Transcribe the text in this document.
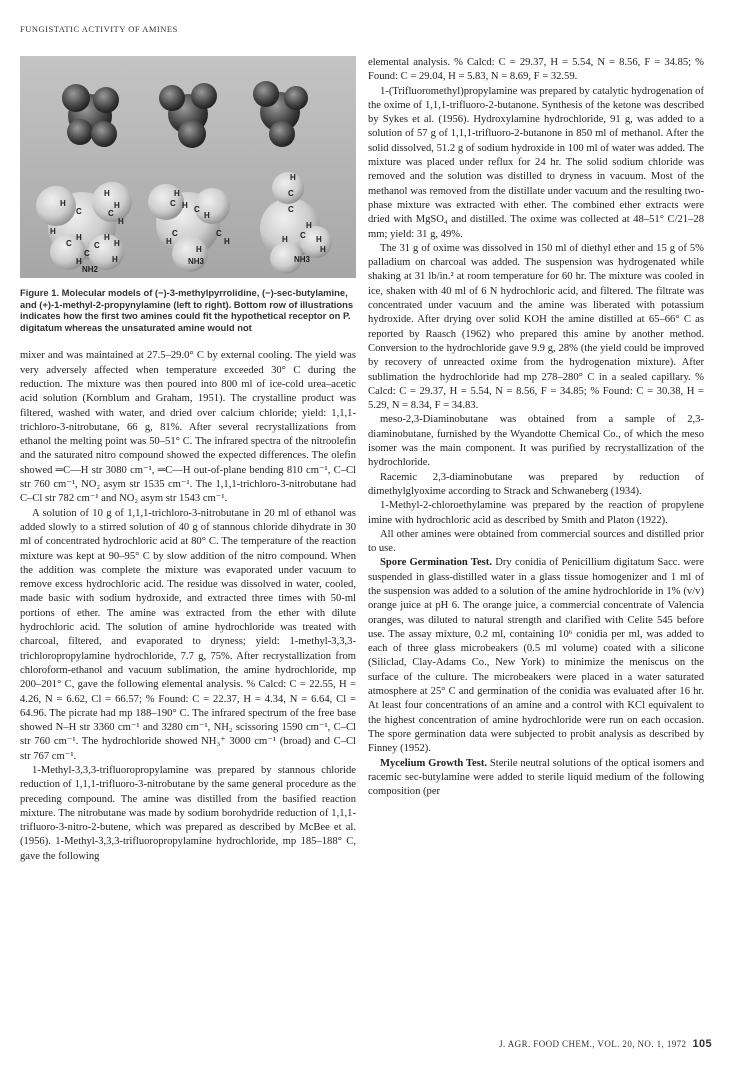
FUNGISTATIC ACTIVITY OF AMINES
H
H
C
H
C
H
H
H
C
H
H
C
C
H	H
NH2
H
C H C
H
C
H
C
H
H
NH3
H
C
C
H
C H
H
H
NH3
Figure 1. Molecular models of (−)-3-methylpyrrolidine, (−)-sec-butylamine, and (+)-1-methyl-2-propynylamine (left to right). Bottom row of illustrations indicates how the first two amines could fit the hypothetical receptor on P. digitatum whereas the unsaturated amine would not

mixer and was maintained at 27.5–29.0° C by external cooling. The yield was very adversely affected when temperature exceeded 30° C during the reduction. The mixture was then poured into 800 ml of ice-cold urea–acetic acid solution (Kornblum and Graham, 1951). The crystalline product was filtered, washed with water, and dried over calcium chloride; yield: 1,1,1-trichloro-3-nitrobutane, 66 g, 81%. After several recrystallizations from ethanol the melting point was 50–51° C. The infrared spectra of the nitroolefin and the saturated nitro compound showed the expected differences. The olefin showed ═C—H str 3080 cm⁻¹, ═C—H out-of-plane bending 810 cm⁻¹, C–Cl str 760 cm⁻¹, NO₂ asym str 1535 cm⁻¹. The 1,1,1-trichloro-3-nitrobutane had C–Cl str 782 cm⁻¹ and NO₂ asym str 1543 cm⁻¹.

A solution of 10 g of 1,1,1-trichloro-3-nitrobutane in 20 ml of ethanol was added slowly to a stirred solution of 40 g of stannous chloride dihydrate in 30 ml of concentrated hydrochloric acid at 80° C. The temperature of the reaction mixture was kept at 90–95° C by slow addition of the nitro compound. When the addition was complete the mixture was evaporated under vacuum to remove excess hydrochloric acid. The residue was dissolved in water, cooled, made basic with sodium hydroxide, and extracted three times with 50-ml portions of ether. The amine was extracted from the ether with dilute hydrochloric acid. The solution of amine hydrochloride was treated with charcoal, filtered, and evaporated to dryness; yield: 1-methyl-3,3,3-trichloropropylamine hydrochloride, 7.7 g, 75%. After recrystallization from chloroform-ethanol and vacuum sublimation, the amine hydrochloride, mp 200–201° C, gave the following elemental analysis. % Calcd: C = 22.55, H = 4.26, N = 6.62, Cl = 66.57; % Found: C = 22.37, H = 4.34, N = 6.64, Cl = 64.96. The picrate had mp 188–190° C. The infrared spectrum of the free base showed N–H str 3360 cm⁻¹ and 3280 cm⁻¹, NH₂ scissoring 1590 cm⁻¹, C–Cl str 760 cm⁻¹. The hydrochloride showed NH₃⁺ 3000 cm⁻¹ (broad) and C–Cl str 767 cm⁻¹.

1-Methyl-3,3,3-trifluoropropylamine was prepared by stannous chloride reduction of 1,1,1-trifluoro-3-nitrobutane by the same general procedure as the preceding compound. The amine was distilled from the basified reaction mixture. The nitrobutane was made by sodium borohydride reduction of 1,1,1-trifluoro-3-nitro-2-butene, which was prepared as described by McBee et al. (1956). 1-Methyl-3,3,3-trifluoropropylamine hydrochloride, mp 185–188° C, gave the following

elemental analysis. % Calcd: C = 29.37, H = 5.54, N = 8.56, F = 34.85; % Found: C = 29.04, H = 5.83, N = 8.69, F = 32.59.

1-(Trifluoromethyl)propylamine was prepared by catalytic hydrogenation of the oxime of 1,1,1-trifluoro-2-butanone. Synthesis of the ketone was described by Sykes et al. (1956). Hydroxylamine hydrochloride, 91 g, was added to a solution of 57 g of 1,1,1-trifluoro-2-butanone in 850 ml of methanol. After the solid dissolved, 51.2 g of sodium hydroxide in 100 ml of water was added. The mixture was placed under reflux for 24 hr. The solid sodium chloride was removed and the solution was distilled to dryness in vacuum. Most of the methanol was removed from the distillate under vacuum and the resulting two-phase mixture was extracted with ether. The combined ether extracts were dried with MgSO₄ and distilled. The oxime was collected at 48–51° C/21–28 mm; yield: 31 g, 49%.

The 31 g of oxime was dissolved in 150 ml of diethyl ether and 15 g of 5% palladium on charcoal was added. The suspension was hydrogenated while shaking at 31 lb/in.² at room temperature for 60 hr. The mixture was cooled in ice, shaken with 40 ml of 6 N hydrochloric acid, and filtered. The filtrate was concentrated under vacuum and the amine was liberated with potassium hydroxide. After drying over solid KOH the amine distilled at 65–66° C as reported by Raasch (1962) who prepared this amine by another method. Conversion to the hydrochloride gave 9.9 g, 28% (the yield could be improved by recovery of unreacted oxime from the hydrogenation mixture). After sublimation the hydrochloride had mp 278–280° C in a sealed capillary. % Calcd: C = 29.37, H = 5.54, N = 8.56, F = 34.85; % Found: C = 30.38, H = 5.29, N = 8.34, F = 34.83.

meso-2,3-Diaminobutane was obtained from a sample of 2,3-diaminobutane, furnished by the Wyandotte Chemical Co., of which the meso isomer was the main component. It was purified by recrystallization of the hydrochloride.

Racemic 2,3-diaminobutane was prepared by reduction of dimethylglyoxime according to Strack and Schwaneberg (1934).

1-Methyl-2-chloroethylamine was prepared by the reaction of propylene imine with hydrochloric acid as described by Smith and Platon (1922).

All other amines were obtained from commercial sources and distilled prior to use.

Spore Germination Test. Dry conidia of Penicillium digitatum Sacc. were suspended in glass-distilled water in a glass tissue homogenizer and 1 ml of the suspension was added to a solution of the amine hydrochloride in 1% (v/v) orange juice at pH 6. The orange juice, a commercial concentrate of Valencia oranges, was diluted to natural strength and clarified with Celite 545 before use. The assay mixture, 0.2 ml, containing 10⁶ conidia per ml, was added to each of three glass microbeakers (0.5 ml volume) coated with a silicone (Siliclad, Clay-Adams Co., New York) to minimize the meniscus on the surface of the culture. The microbeakers were placed in a water saturated atmosphere at 25° C and germination of the conidia was evaluated after 16 hr. At least four concentrations of an amine and a control with KCl equivalent to the highest concentration of amine hydrochloride were run on each occasion. The spore germination data were subjected to probit analysis as described by Finney (1952).

Mycelium Growth Test. Sterile neutral solutions of the optical isomers and racemic sec-butylamine were added to sterile liquid medium of the following composition (per

J. AGR. FOOD CHEM., VOL. 20, NO. 1, 1972 105
